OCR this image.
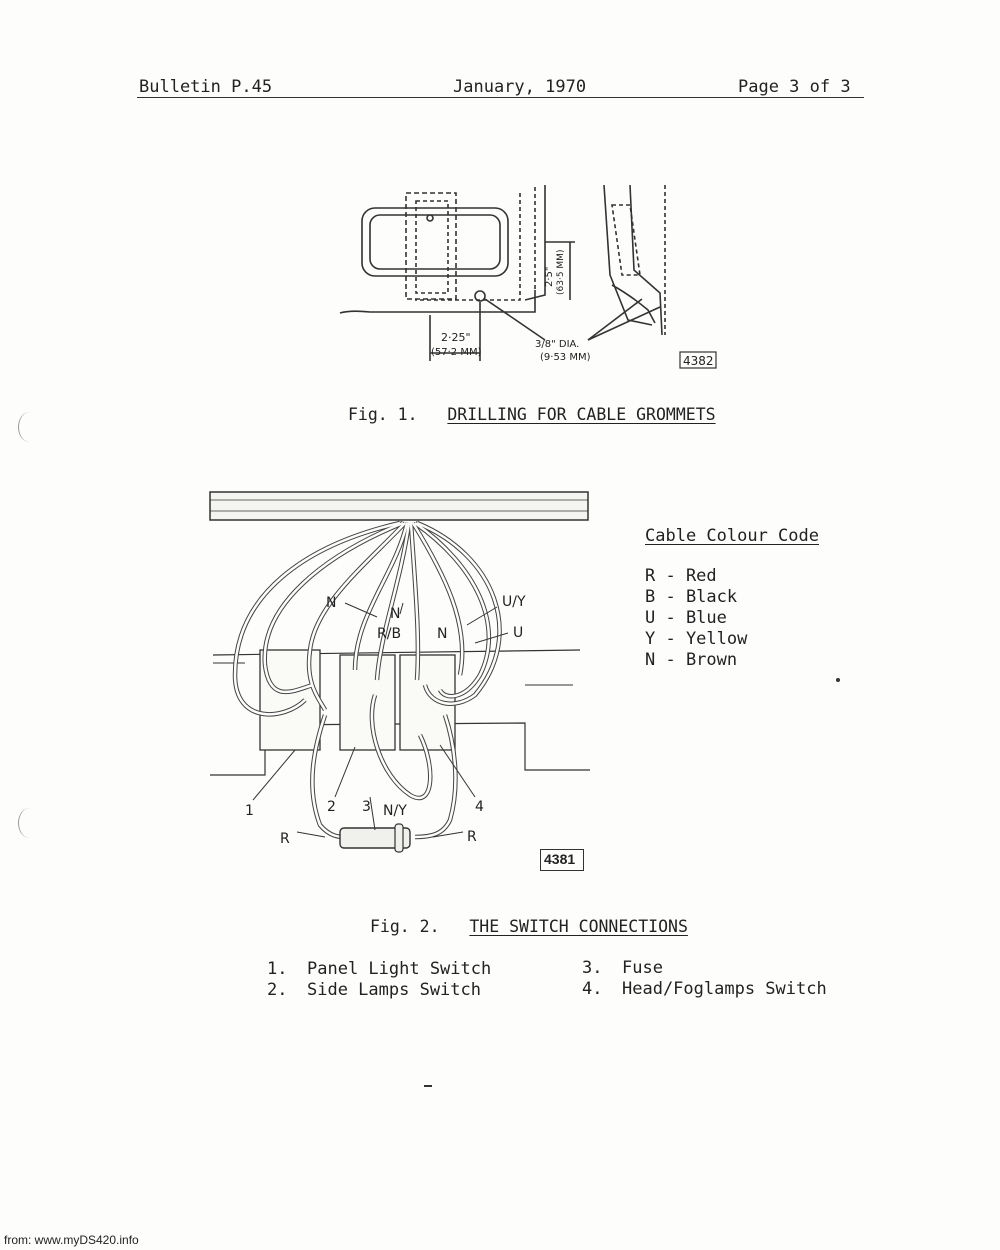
Bulletin P.45	January, 1970	Page 3 of 3
2·5" (63·5 MM)
2·25"
(57·2 MM)
3/8" DIA.
(9·53 MM)	4382
Fig. 1. DRILLING FOR CABLE GROMMETS
N
N
R/B	N
U/Y
U
1	2 3 N/Y	4
R	R
4381
Cable Colour Code
R - Red
B - Black
U - Blue
Y - Yellow
N - Brown
Fig. 2. THE SWITCH CONNECTIONS
1. Panel Light Switch
2. Side Lamps Switch
3. Fuse
4. Head/Foglamps Switch
from: www.myDS420.info
